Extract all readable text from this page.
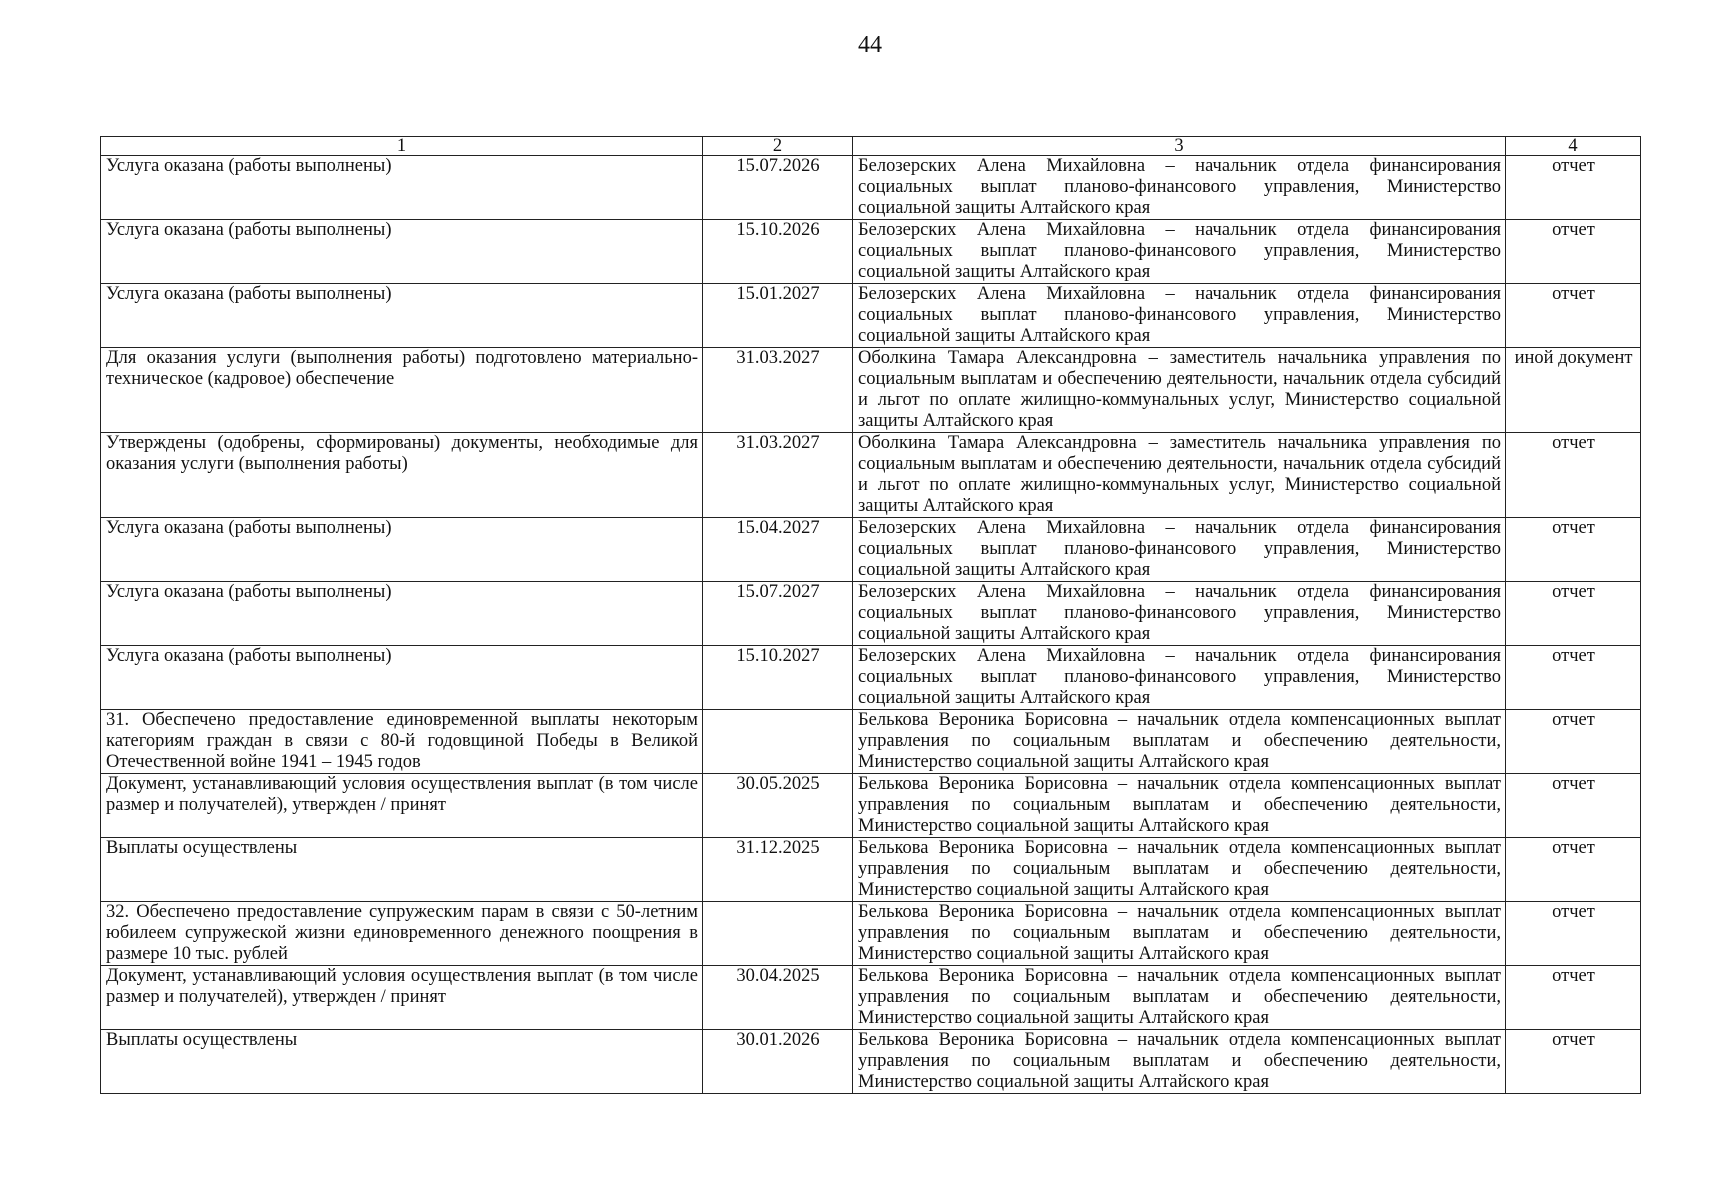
44
1	2	3	4
Услуга оказана (работы выполнены)	15.07.2026	Белозерских Алена Михайловна – начальник отдела финансирования социальных выплат планово-финансового управления, Министерство социальной защиты Алтайского края	отчет
Услуга оказана (работы выполнены)	15.10.2026	Белозерских Алена Михайловна – начальник отдела финансирования социальных выплат планово-финансового управления, Министерство социальной защиты Алтайского края	отчет
Услуга оказана (работы выполнены)	15.01.2027	Белозерских Алена Михайловна – начальник отдела финансирования социальных выплат планово-финансового управления, Министерство социальной защиты Алтайского края	отчет
Для оказания услуги (выполнения работы) подготовлено материально-техническое (кадровое) обеспечение	31.03.2027	Оболкина Тамара Александровна – заместитель начальника управления по социальным выплатам и обеспечению деятельности, начальник отдела субсидий и льгот по оплате жилищно-коммунальных услуг, Министерство социальной защиты Алтайского края	иной документ
Утверждены (одобрены, сформированы) документы, необходимые для оказания услуги (выполнения работы)	31.03.2027	Оболкина Тамара Александровна – заместитель начальника управления по социальным выплатам и обеспечению деятельности, начальник отдела субсидий и льгот по оплате жилищно-коммунальных услуг, Министерство социальной защиты Алтайского края	отчет
Услуга оказана (работы выполнены)	15.04.2027	Белозерских Алена Михайловна – начальник отдела финансирования социальных выплат планово-финансового управления, Министерство социальной защиты Алтайского края	отчет
Услуга оказана (работы выполнены)	15.07.2027	Белозерских Алена Михайловна – начальник отдела финансирования социальных выплат планово-финансового управления, Министерство социальной защиты Алтайского края	отчет
Услуга оказана (работы выполнены)	15.10.2027	Белозерских Алена Михайловна – начальник отдела финансирования социальных выплат планово-финансового управления, Министерство социальной защиты Алтайского края	отчет
31. Обеспечено предоставление единовременной выплаты некоторым категориям граждан в связи с 80-й годовщиной Победы в Великой Отечественной войне 1941 – 1945 годов		Белькова Вероника Борисовна – начальник отдела компенсационных выплат управления по социальным выплатам и обеспечению деятельности, Министерство социальной защиты Алтайского края	отчет
Документ, устанавливающий условия осуществления выплат (в том числе размер и получателей), утвержден / принят	30.05.2025	Белькова Вероника Борисовна – начальник отдела компенсационных выплат управления по социальным выплатам и обеспечению деятельности, Министерство социальной защиты Алтайского края	отчет
Выплаты осуществлены	31.12.2025	Белькова Вероника Борисовна – начальник отдела компенсационных выплат управления по социальным выплатам и обеспечению деятельности, Министерство социальной защиты Алтайского края	отчет
32. Обеспечено предоставление супружеским парам в связи с 50-летним юбилеем супружеской жизни единовременного денежного поощрения в размере 10 тыс. рублей		Белькова Вероника Борисовна – начальник отдела компенсационных выплат управления по социальным выплатам и обеспечению деятельности, Министерство социальной защиты Алтайского края	отчет
Документ, устанавливающий условия осуществления выплат (в том числе размер и получателей), утвержден / принят	30.04.2025	Белькова Вероника Борисовна – начальник отдела компенсационных выплат управления по социальным выплатам и обеспечению деятельности, Министерство социальной защиты Алтайского края	отчет
Выплаты осуществлены	30.01.2026	Белькова Вероника Борисовна – начальник отдела компенсационных выплат управления по социальным выплатам и обеспечению деятельности, Министерство социальной защиты Алтайского края	отчет
